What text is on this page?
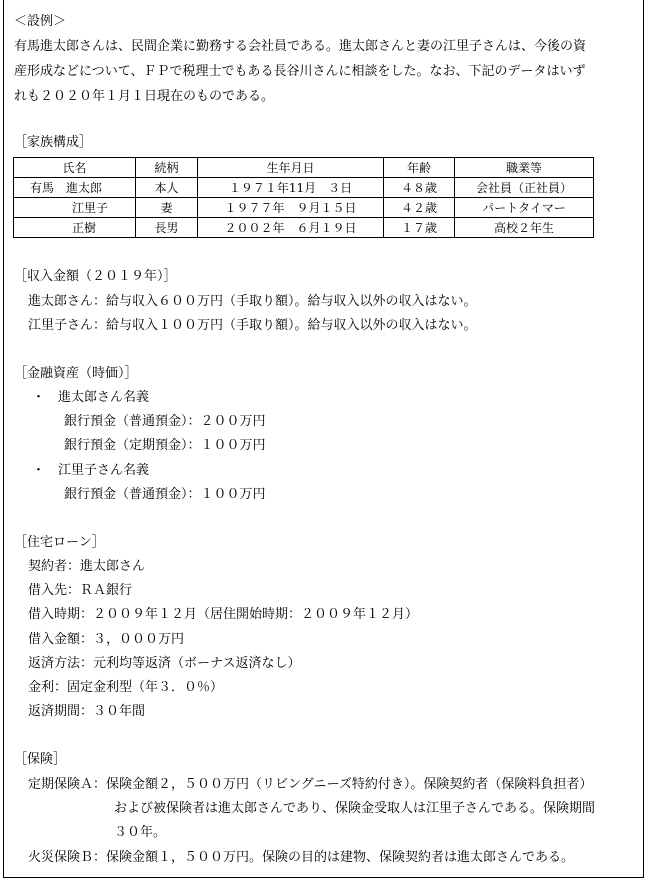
＜設例＞
有馬進太郎さんは、民間企業に勤務する会社員である。進太郎さんと妻の江里子さんは、今後の資
産形成などについて、ＦＰで税理士でもある長谷川さんに相談をした。なお、下記のデータはいず
れも２０２０年１月１日現在のものである。
［家族構成］
氏名	続柄	生年月日	年齢	職業等
有馬　進太郎	本人	１９７１年11月　３日	４８歳	会社員（正社員）
江里子	妻	１９７７年　９月１５日	４２歳	パートタイマー
正樹	長男	２００２年　６月１９日	１７歳	高校２年生
［収入金額（２０１９年）］
進太郎さん：給与収入６００万円（手取り額）。給与収入以外の収入はない。
江里子さん：給与収入１００万円（手取り額）。給与収入以外の収入はない。
［金融資産（時価）］
・　進太郎さん名義
銀行預金（普通預金）：２００万円
銀行預金（定期預金）：１００万円
・　江里子さん名義
銀行預金（普通預金）：１００万円
［住宅ローン］
契約者：進太郎さん
借入先：ＲＡ銀行
借入時期：２００９年１２月（居住開始時期：２００９年１２月）
借入金額：３，０００万円
返済方法：元利均等返済（ボーナス返済なし）
金利：固定金利型（年３．０％）
返済期間：３０年間
［保険］
定期保険Ａ：保険金額２，５００万円（リビングニーズ特約付き）。保険契約者（保険料負担者）
および被保険者は進太郎さんであり、保険金受取人は江里子さんである。保険期間
３０年。
火災保険Ｂ：保険金額１，５００万円。保険の目的は建物、保険契約者は進太郎さんである。
